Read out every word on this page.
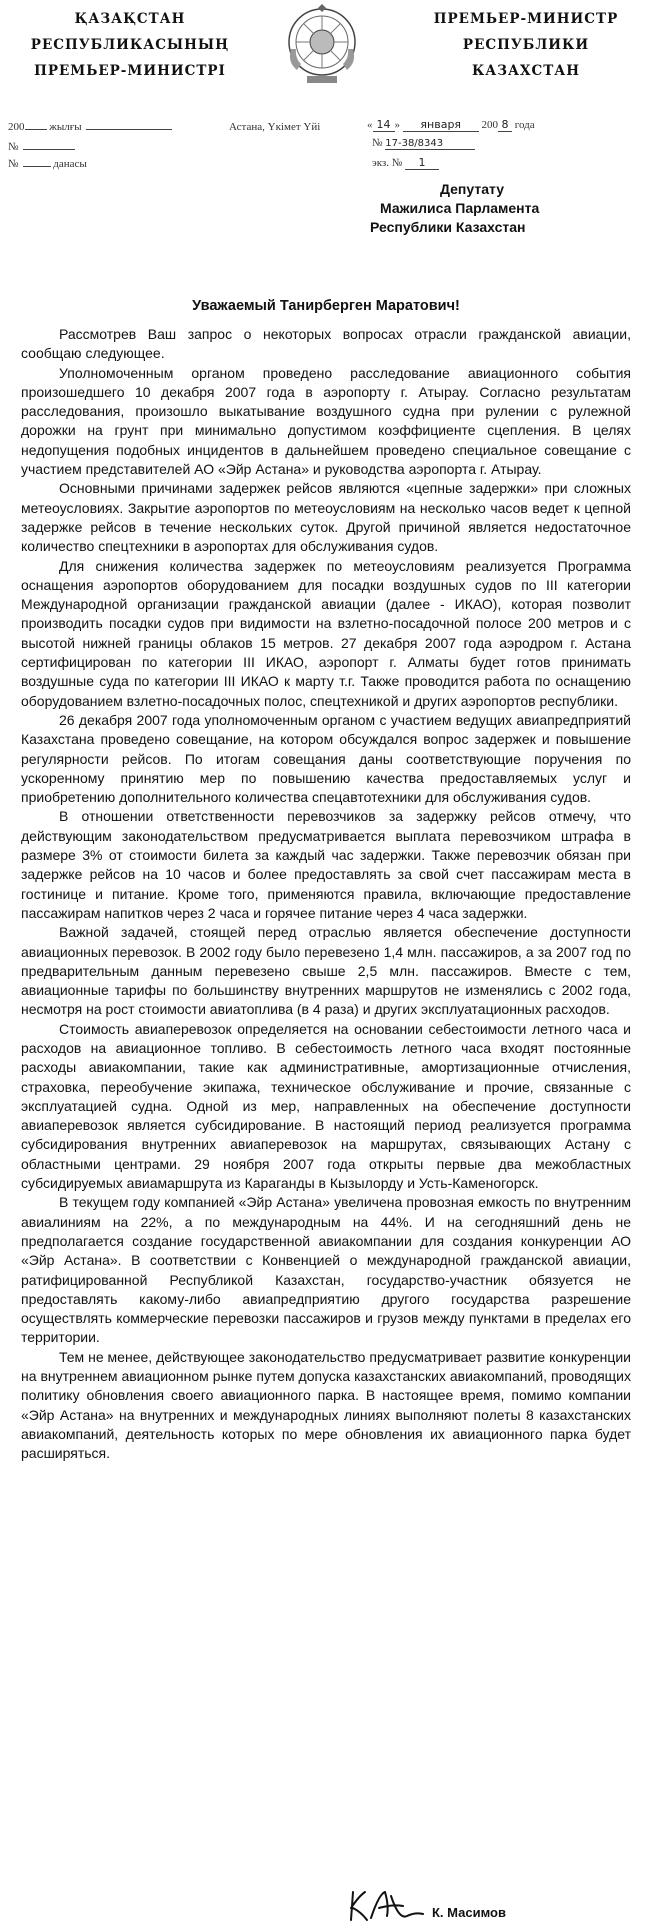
ҚАЗАҚСТАН
РЕСПУБЛИКАСЫНЫҢ
ПРЕМЬЕР-МИНИСТРІ
ПРЕМЬЕР-МИНИСТР
РЕСПУБЛИКИ
КАЗАХСТАН
200 жылғы
№
№	данасы
Астана, Үкімет Үйі	« 14 » января 200 8 года
№ 17-38/8343
экз. № 1
Депутату
Мажилиса Парламента
Республики Казахстан
Уважаемый Танирберген Маратович!

Рассмотрев Ваш запрос о некоторых вопросах отрасли гражданской авиации, сообщаю следующее.

Уполномоченным органом проведено расследование авиационного события произошедшего 10 декабря 2007 года в аэропорту г. Атырау. Согласно результатам расследования, произошло выкатывание воздушного судна при рулении с рулежной дорожки на грунт при минимально допустимом коэффициенте сцепления. В целях недопущения подобных инцидентов в дальнейшем проведено специальное совещание с участием представителей АО «Эйр Астана» и руководства аэропорта г. Атырау.

Основными причинами задержек рейсов являются «цепные задержки» при сложных метеоусловиях. Закрытие аэропортов по метеоусловиям на несколько часов ведет к цепной задержке рейсов в течение нескольких суток. Другой причиной является недостаточное количество спецтехники в аэропортах для обслуживания судов.

Для снижения количества задержек по метеоусловиям реализуется Программа оснащения аэропортов оборудованием для посадки воздушных судов по III категории Международной организации гражданской авиации (далее - ИКАО), которая позволит производить посадки судов при видимости на взлетно-посадочной полосе 200 метров и с высотой нижней границы облаков 15 метров. 27 декабря 2007 года аэродром г. Астана сертифицирован по категории III ИКАО, аэропорт г. Алматы будет готов принимать воздушные суда по категории III ИКАО к марту т.г. Также проводится работа по оснащению оборудованием взлетно-посадочных полос, спецтехникой и других аэропортов республики.

26 декабря 2007 года уполномоченным органом с участием ведущих авиапредприятий Казахстана проведено совещание, на котором обсуждался вопрос задержек и повышение регулярности рейсов. По итогам совещания даны соответствующие поручения по ускоренному принятию мер по повышению качества предоставляемых услуг и приобретению дополнительного количества спецавтотехники для обслуживания судов.

В отношении ответственности перевозчиков за задержку рейсов отмечу, что действующим законодательством предусматривается выплата перевозчиком штрафа в размере 3% от стоимости билета за каждый час задержки. Также перевозчик обязан при задержке рейсов на 10 часов и более предоставлять за свой счет пассажирам места в гостинице и питание. Кроме того, применяются правила, включающие предоставление пассажирам напитков через 2 часа и горячее питание через 4 часа задержки.

Важной задачей, стоящей перед отраслью является обеспечение доступности авиационных перевозок. В 2002 году было перевезено 1,4 млн. пассажиров, а за 2007 год по предварительным данным перевезено свыше 2,5 млн. пассажиров. Вместе с тем, авиационные тарифы по большинству внутренних маршрутов не изменялись с 2002 года, несмотря на рост стоимости авиатоплива (в 4 раза) и других эксплуатационных расходов.

Стоимость авиаперевозок определяется на основании себестоимости летного часа и расходов на авиационное топливо. В себестоимость летного часа входят постоянные расходы авиакомпании, такие как административные, амортизационные отчисления, страховка, переобучение экипажа, техническое обслуживание и прочие, связанные с эксплуатацией судна. Одной из мер, направленных на обеспечение доступности авиаперевозок является субсидирование. В настоящий период реализуется программа субсидирования внутренних авиаперевозок на маршрутах, связывающих Астану с областными центрами. 29 ноября 2007 года открыты первые два межобластных субсидируемых авиамаршрута из Караганды в Кызылорду и Усть-Каменогорск.

В текущем году компанией «Эйр Астана» увеличена провозная емкость по внутренним авиалиниям на 22%, а по международным на 44%. И на сегодняшний день не предполагается создание государственной авиакомпании для создания конкуренции АО «Эйр Астана». В соответствии с Конвенцией о международной гражданской авиации, ратифицированной Республикой Казахстан, государство-участник обязуется не предоставлять какому-либо авиапредприятию другого государства разрешение осуществлять коммерческие перевозки пассажиров и грузов между пунктами в пределах его территории.

Тем не менее, действующее законодательство предусматривает развитие конкуренции на внутреннем авиационном рынке путем допуска казахстанских авиакомпаний, проводящих политику обновления своего авиационного парка. В настоящее время, помимо компании «Эйр Астана» на внутренних и международных линиях выполняют полеты 8 казахстанских авиакомпаний, деятельность которых по мере обновления их авиационного парка будет расширяться.

К. Масимов
